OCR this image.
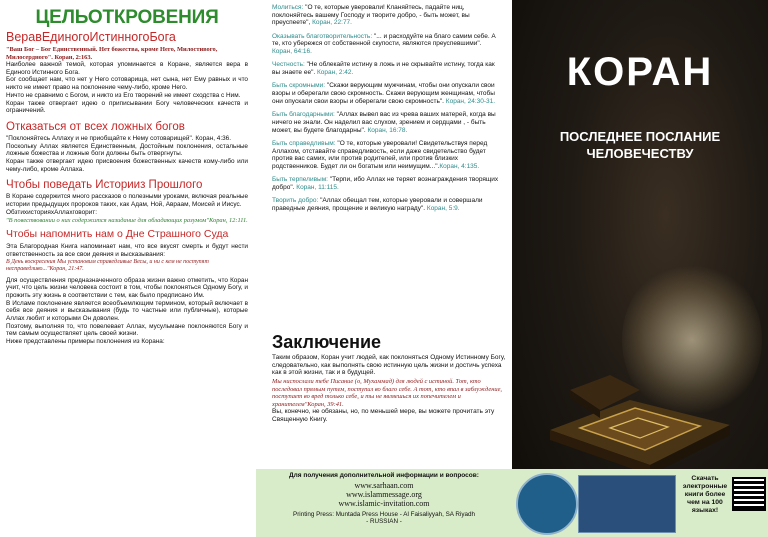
ЦЕЛЬОТКРОВЕНИЯ
ВеравЕдиногоИстинногоБога

"Ваш Бог – Бог Единственный. Нет божества, кроме Него, Милостивого, Милосердного". Коран, 2:163.

Наиболее важной темой, которая упоминается в Коране, является вера в Единого Истинного Бога.

Бог сообщает нам, что нет у Него сотоварища, нет сына, нет Ему равных и что никто не имеет право на поклонение чему-либо, кроме Него.

Ничто не сравнимо с Богом, и никто из Его творений не имеет сходства с Ним.

Коран также отвергает идею о приписывании Богу человеческих качеств и ограничений.

Отказаться от всех ложных богов

"Поклоняйтесь Аллаху и не приобщайте к Нему сотоварищей". Коран, 4:36.

Поскольку Аллах является Единственным, Достойным поклонения, остальные ложные божества и ложные боги должны быть отвергнуты.

Коран также отвергает идею присвоения божественных качеств кому-либо или чему-либо, кроме Аллаха.

Чтобы поведать Историиз Прошлого

В Коране содержится много рассказов о полезными уроками, включая реальные истории предыдущих пророков таких, как Адам, Ной, Авраам, Моисей и Иисус.

ОбзтихисторияхАллахговорит:

"В повествовании о них содержится назидание для обладающих разумом"Коран, 12:111.

Чтобы напомнить нам о Дне Страшного Суда

Эта Благородная Книга напоминает нам, что все вкусят смерть и будут нести ответственность за все свои деяния и высказывания:

В День воскресения Мы установим справедливые Весы, и ни с кем не поступят несправедливо..."Коран, 21:47.

Для осуществления предназначенного образа жизни важно отметить, что Коран учит, что цель жизни человека состоит в том, чтобы поклоняться Одному Богу, и прожить эту жизнь в соответствии с тем, как было предписано Им.

В Исламе поклонение является всеобъемлющим термином, который включает в себя все деяния и высказывания (будь то частные или публичные), которые Аллах любит и которыми Он доволен.

Поэтому, выполняя то, что повелевает Аллах, мусульмане поклоняются Богу и тем самым осуществляет цель своей жизни.

Ниже представлены примеры поклонения из Корана:

Молиться: "О те, которые уверовали! Кланяйтесь, падайте ниц, поклоняйтесь вашему Господу и творите добро, - быть может, вы преуспеете", Коран, 22:77.

Оказывать благотворительность: "... и расходуйте на благо самим себе. А те, кто убережся от собственной скупости, являются преуспевшими". Коран, 64:16.

Честность: "Не облекайте истину в ложь и не скрывайте истину, тогда как вы знаете ее". Коран, 2:42.

Быть скромными: "Скажи верующим мужчинам, чтобы они опускали свои взоры и оберегали свою скромность. Скажи верующим женщинам, чтобы они опускали свои взоры и оберегали свою скромность". Коран, 24:30-31.

Быть благодарными: "Аллах вывел вас из чрева ваших матерей, когда вы ничего не знали. Он наделил вас слухом, зрением и сердцами , - быть может, вы будете благодарны". Коран, 16:78.

Быть справедливым: "О те, которые уверовали! Свидетельствуя перед Аллахом, отставайте справедливость, если даже свидетельство будет против вас самих, или против родителей, или против близких родственников. Будет ли он богатым или неимущим...".Коран, 4:135.

Быть терпеливым: "Терпи, ибо Аллах не теряет вознаграждения творящих добро". Коран, 11:115.

Творить добро: "Аллах обещал тем, которые уверовали и совершали праведные деяния, прощение и великую награду". Коран, 5:9.

Заключение

Таким образом, Коран учит людей, как поклоняться Одному Истинному Богу, следовательно, как выполнять свою истинную цель жизни и достичь успеха как в этой жизни, так и в будущей.

Мы ниспослали тебе Писание (о, Мухаммад) для людей с истиной. Тот, кто последовал прямым путем, поступил во благо себе. А тот, кто впал в заблуждение, поступает во вред только себе, и ты не являешься их попечителем и хранителем"Коран, 39:41.

Вы, конечно, не обязаны, но, по меньшей мере, вы можете прочитать эту Священную Книгу.

КОРАН
ПОСЛЕДНЕЕ ПОСЛАНИЕ
ЧЕЛОВЕЧЕСТВУ
Для получения дополнительной информации и вопросов:
www.sarhaan.com
www.islammessage.org
www.islamic-invitation.com
Printing Press: Muntada Press House - Al Faisaliyyah, SA Riyadh
- RUSSIAN -
Скачать электронные книги более чем на 100 языках!
